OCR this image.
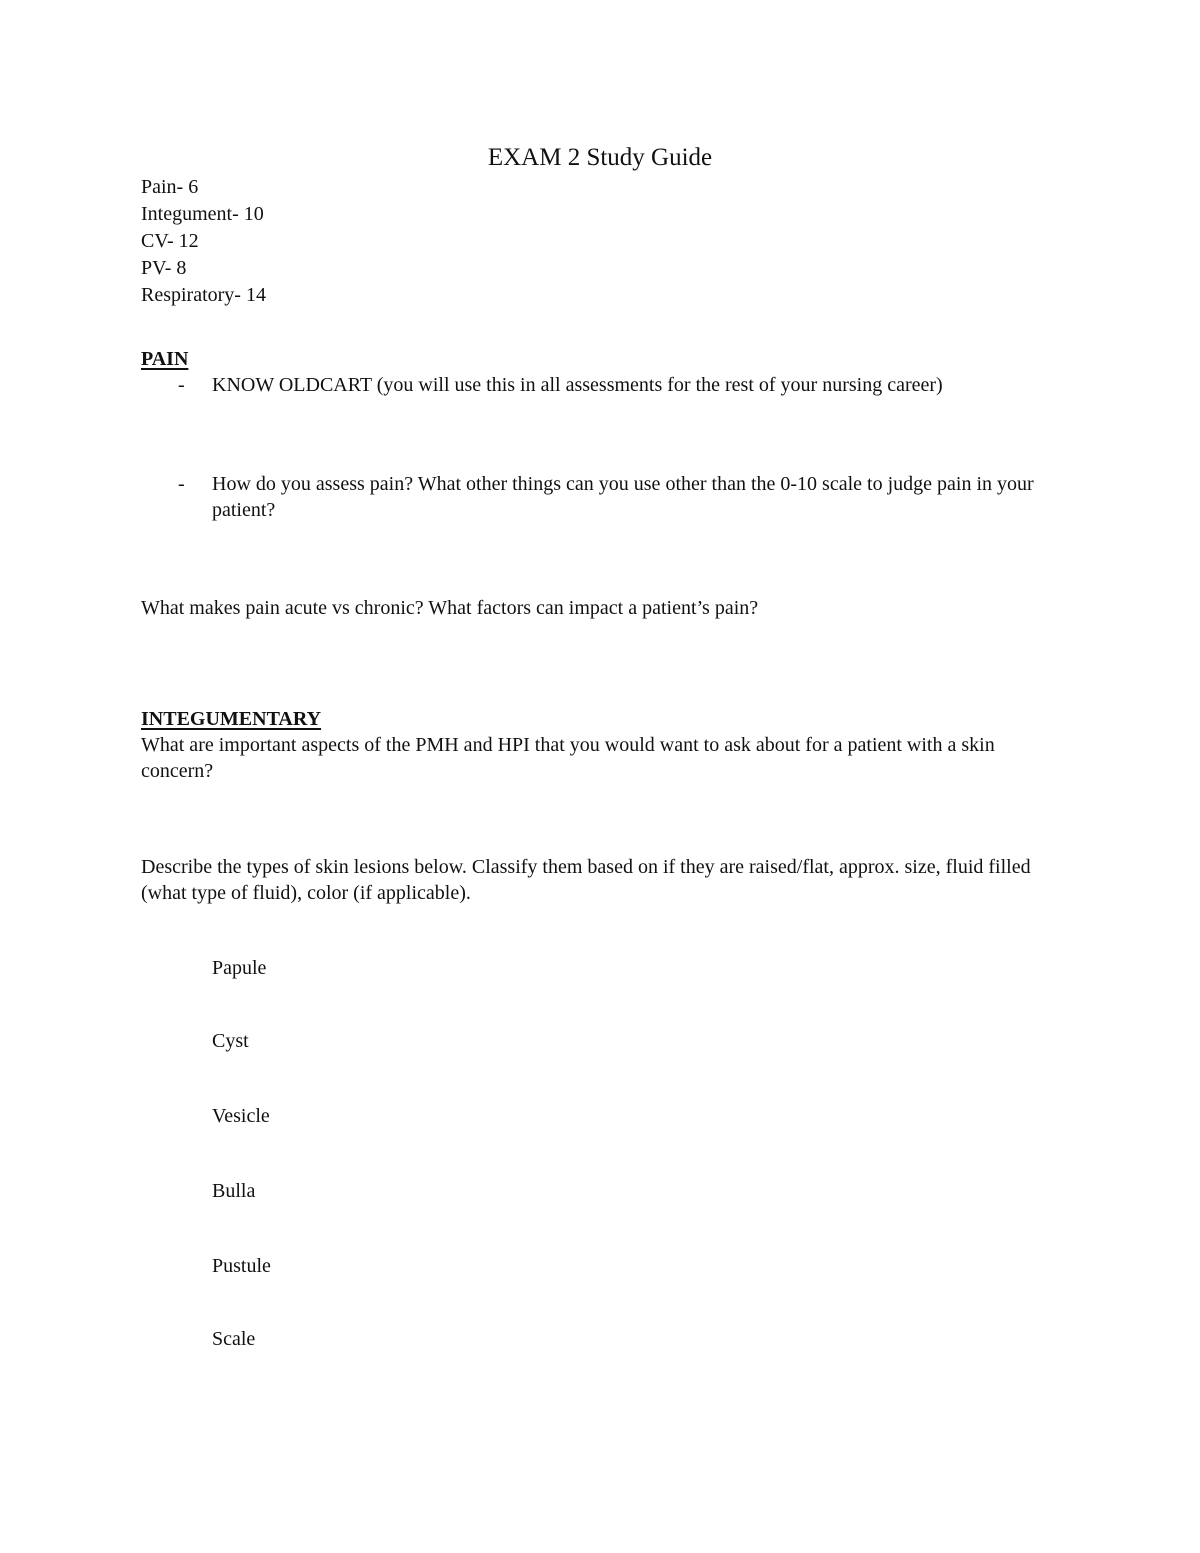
EXAM 2 Study Guide
Pain- 6
Integument- 10
CV- 12
PV- 8
Respiratory- 14
PAIN
- KNOW OLDCART (you will use this in all assessments for the rest of your nursing career)
- How do you assess pain? What other things can you use other than the 0-10 scale to judge pain in your patient?
What makes pain acute vs chronic? What factors can impact a patient’s pain?
INTEGUMENTARY
What are important aspects of the PMH and HPI that you would want to ask about for a patient with a skin concern?
Describe the types of skin lesions below. Classify them based on if they are raised/flat, approx. size, fluid filled (what type of fluid), color (if applicable).
Papule
Cyst
Vesicle
Bulla
Pustule
Scale
